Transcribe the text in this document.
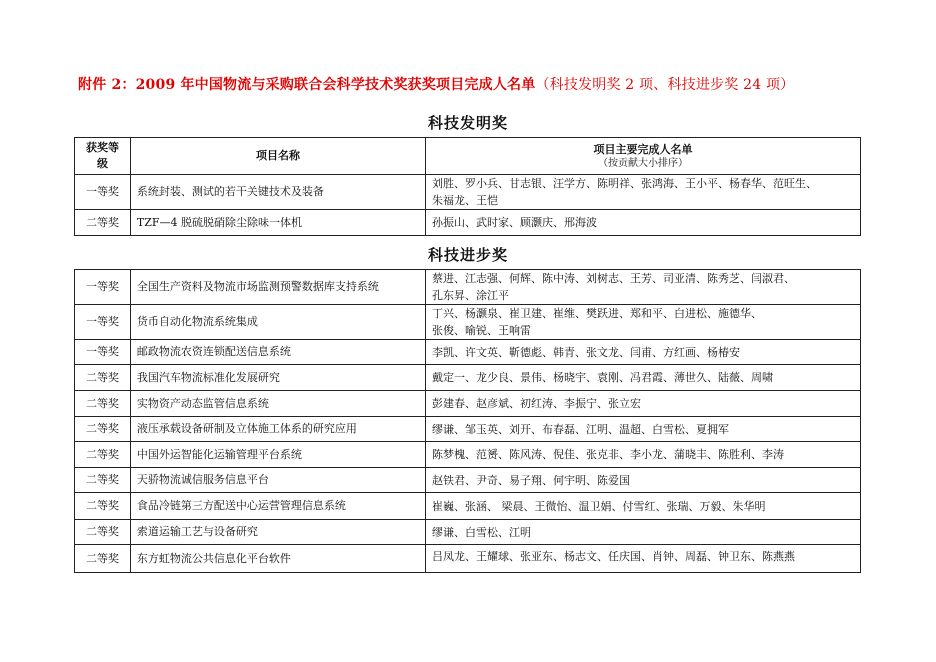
附件 2：2009 年中国物流与采购联合会科学技术奖获奖项目完成人名单（科技发明奖 2 项、科技进步奖 24 项）
科技发明奖
获奖等级	项目名称	项目主要完成人名单
（按贡献大小排序）

一等奖	系统封装、测试的若干关键技术及装备	刘胜、罗小兵、甘志银、汪学方、陈明祥、张鸿海、王小平、杨春华、范旺生、
朱福龙、王恺

二等奖	TZF—4 脱硫脱硝除尘除味一体机	孙振山、武时家、顾灏庆、邢海波
科技进步奖
一等奖	全国生产资料及物流市场监测预警数据库支持系统	蔡进、江志强、何辉、陈中涛、刘树志、王芳、司亚清、陈秀芝、闫淑君、
孔东昇、涂江平

一等奖	货币自动化物流系统集成	丁兴、杨灏泉、崔卫建、崔维、樊跃进、郑和平、白进松、施德华、
张俊、喻锐、王响雷

一等奖	邮政物流农资连锁配送信息系统	李凯、许文英、靳德彪、韩青、张文龙、闫甫、方红画、杨椿安
二等奖	我国汽车物流标准化发展研究	戴定一、龙少良、景伟、杨晓宇、袁刚、冯君霞、薄世久、陆薇、周啸
二等奖	实物资产动态监管信息系统	彭建春、赵彦斌、初红涛、李振宁、张立宏
二等奖	液压承载设备研制及立体施工体系的研究应用	缪谦、邹玉英、刘开、布春磊、江明、温超、白雪松、夏拥军
二等奖	中国外运智能化运输管理平台系统	陈梦槐、范赟、陈风涛、倪佳、张克非、李小龙、蒲晓丰、陈胜利、李涛
二等奖	天骄物流诚信服务信息平台	赵铁君、尹奇、易子翔、何宇明、陈爱国
二等奖	食品冷链第三方配送中心运营管理信息系统	崔巍、张涵、 梁晨、王微怡、温卫娟、付雪红、张瑞、万毅、朱华明
二等奖	索道运输工艺与设备研究	缪谦、白雪松、江明
二等奖	东方虹物流公共信息化平台软件	吕凤龙、王耀球、张亚东、杨志文、任庆国、肖钟、周磊、钟卫东、陈燕燕
